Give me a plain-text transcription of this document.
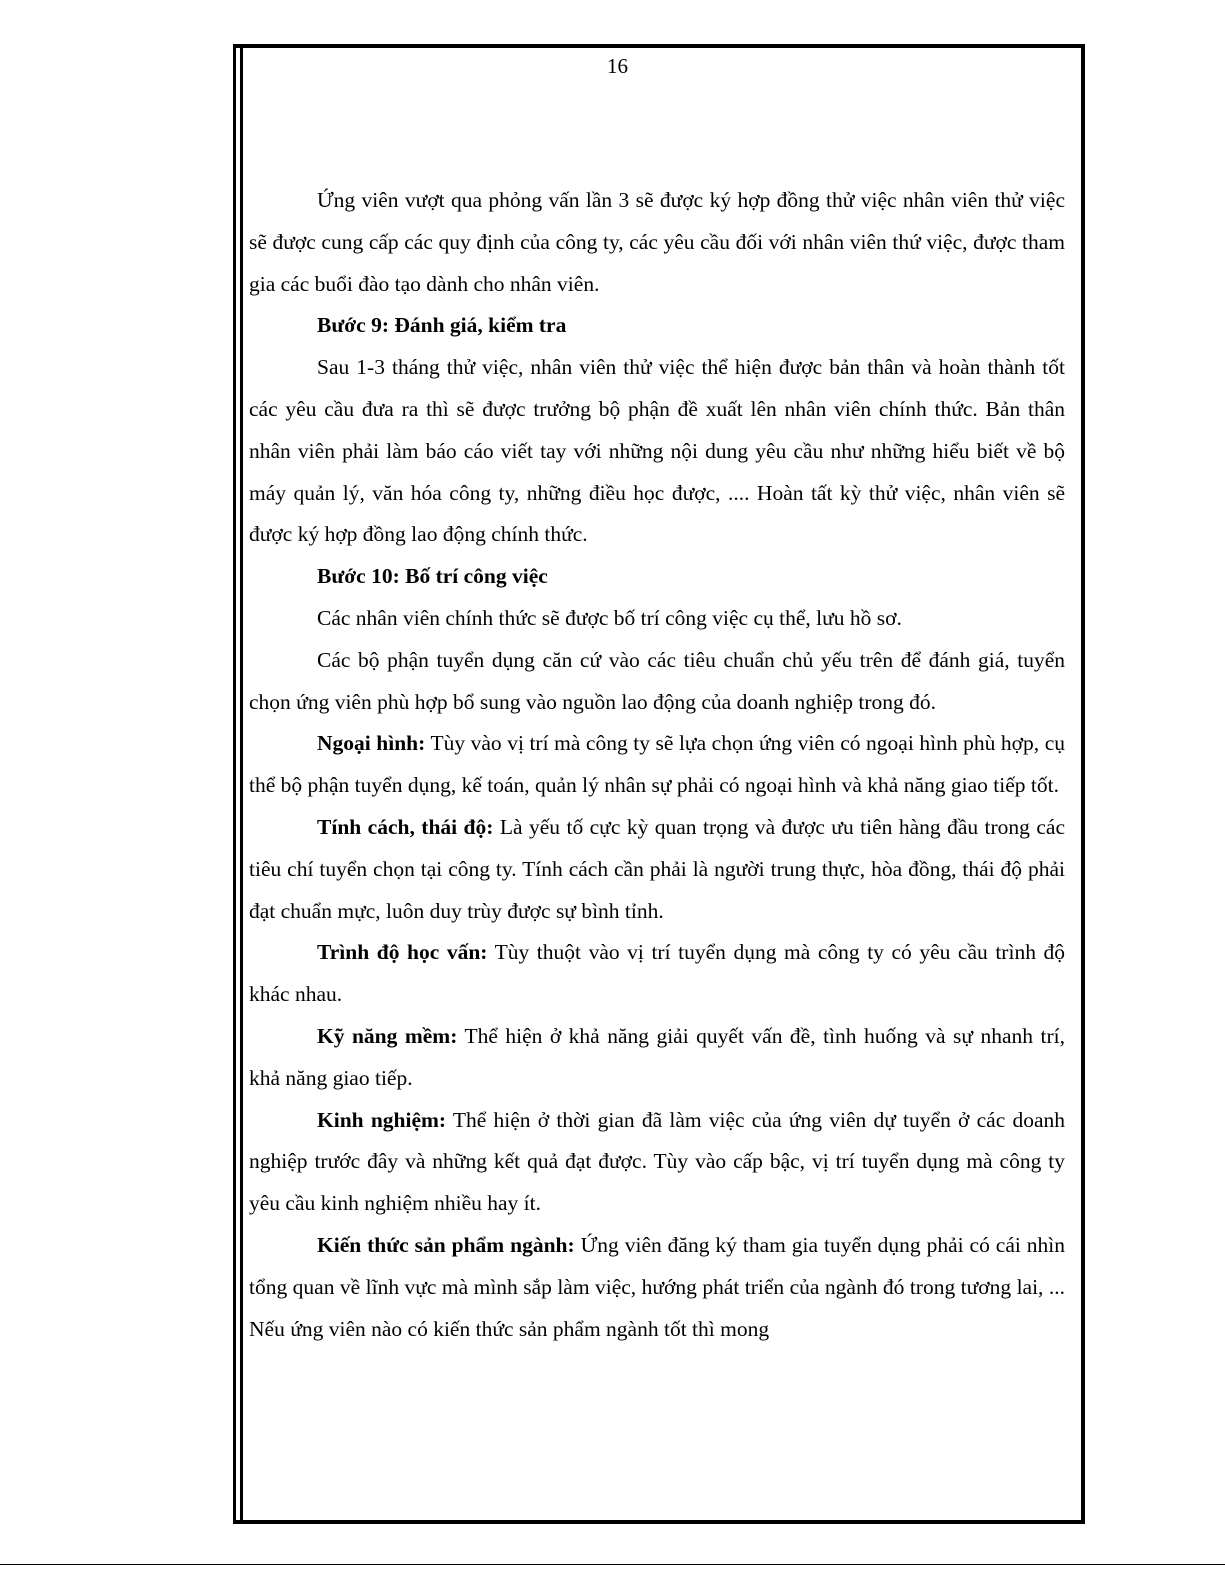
16

Ứng viên vượt qua phỏng vấn lần 3 sẽ được ký hợp đồng thử việc nhân viên thử việc sẽ được cung cấp các quy định của công ty, các yêu cầu đối với nhân viên thứ việc, được tham gia các buổi đào tạo dành cho nhân viên.

Bước 9: Đánh giá, kiểm tra

Sau 1-3 tháng thử việc, nhân viên thử việc thể hiện được bản thân và hoàn thành tốt các yêu cầu đưa ra thì sẽ được trưởng bộ phận đề xuất lên nhân viên chính thức. Bản thân nhân viên phải làm báo cáo viết tay với những nội dung yêu cầu như những hiểu biết về bộ máy quản lý, văn hóa công ty, những điều học được, .... Hoàn tất kỳ thử việc, nhân viên sẽ được ký hợp đồng lao động chính thức.

Bước 10: Bố trí công việc

Các nhân viên chính thức sẽ được bố trí công việc cụ thể, lưu hồ sơ.

Các bộ phận tuyển dụng căn cứ vào các tiêu chuẩn chủ yếu trên để đánh giá, tuyển chọn ứng viên phù hợp bổ sung vào nguồn lao động của doanh nghiệp trong đó.

Ngoại hình: Tùy vào vị trí mà công ty sẽ lựa chọn ứng viên có ngoại hình phù hợp, cụ thể bộ phận tuyển dụng, kế toán, quản lý nhân sự phải có ngoại hình và khả năng giao tiếp tốt.

Tính cách, thái độ: Là yếu tố cực kỳ quan trọng và được ưu tiên hàng đầu trong các tiêu chí tuyển chọn tại công ty. Tính cách cần phải là người trung thực, hòa đồng, thái độ phải đạt chuẩn mực, luôn duy trùy được sự bình tỉnh.

Trình độ học vấn: Tùy thuột vào vị trí tuyển dụng mà công ty có yêu cầu trình độ khác nhau.

Kỹ năng mềm: Thể hiện ở khả năng giải quyết vấn đề, tình huống và sự nhanh trí, khả năng giao tiếp.

Kinh nghiệm: Thể hiện ở thời gian đã làm việc của ứng viên dự tuyển ở các doanh nghiệp trước đây và những kết quả đạt được. Tùy vào cấp bậc, vị trí tuyển dụng mà công ty yêu cầu kinh nghiệm nhiều hay ít.

Kiến thức sản phẩm ngành: Ứng viên đăng ký tham gia tuyển dụng phải có cái nhìn tổng quan về lĩnh vực mà mình sắp làm việc, hướng phát triển của ngành đó trong tương lai, ... Nếu ứng viên nào có kiến thức sản phẩm ngành tốt thì mong
